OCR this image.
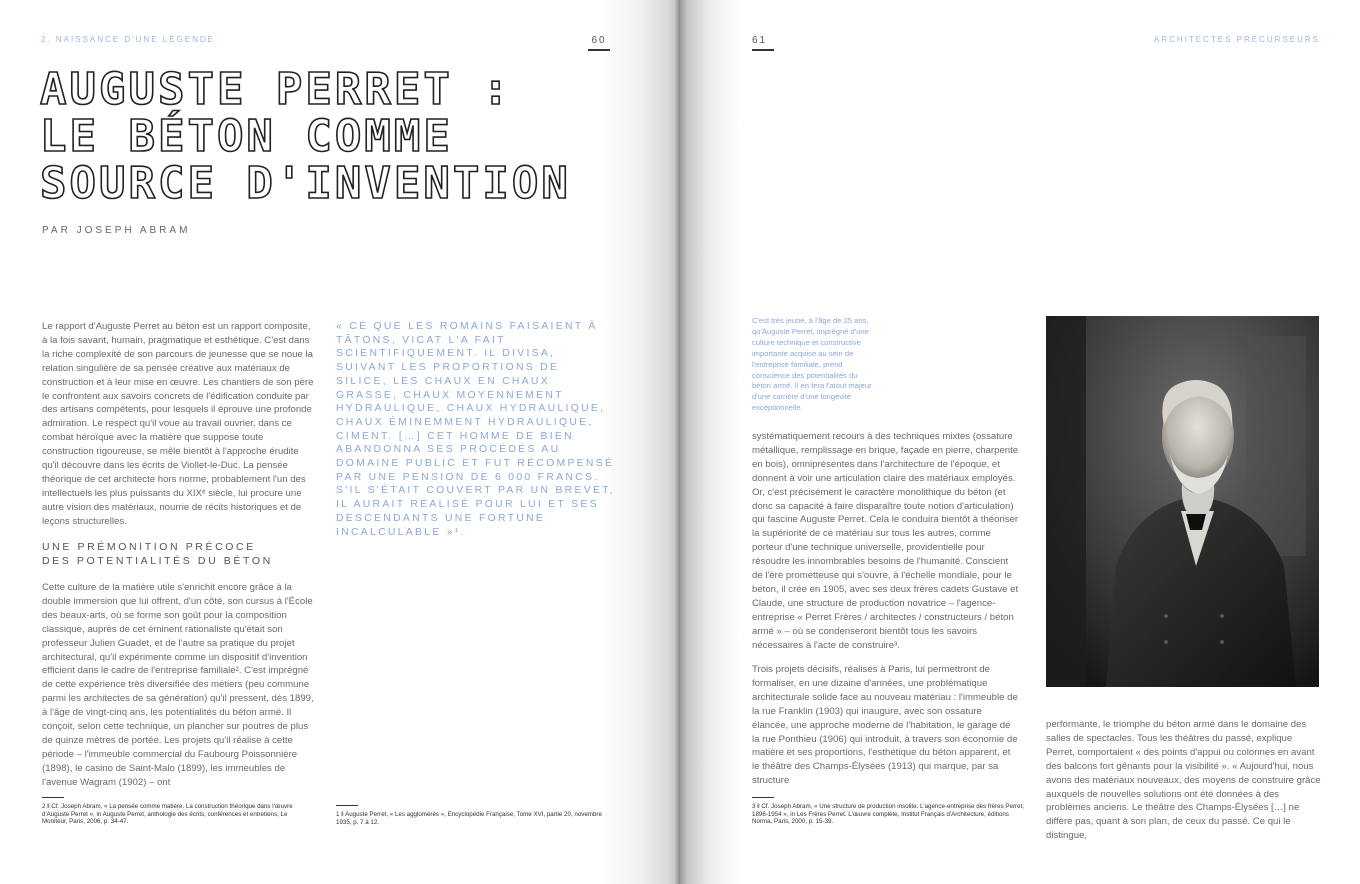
2. NAISSANCE D'UNE LÉGENDE	60
AUGUSTE PERRET :
LE BÉTON COMME
SOURCE D'INVENTION
PAR JOSEPH ABRAM
Le rapport d'Auguste Perret au béton est un rapport composite, à la fois savant, humain, pragmatique et esthétique. C'est dans la riche complexité de son parcours de jeunesse que se noue la relation singulière de sa pensée créative aux matériaux de construction et à leur mise en œuvre. Les chantiers de son père le confrontent aux savoirs concrets de l'édification conduite par des artisans compétents, pour lesquels il éprouve une profonde admiration. Le respect qu'il voue au travail ouvrier, dans ce combat héroïque avec la matière que suppose toute construction rigoureuse, se mêle bientôt à l'approche érudite qu'il découvre dans les écrits de Viollet-le-Duc. La pensée théorique de cet architecte hors norme, probablement l'un des intellectuels les plus puissants du XIXᵉ siècle, lui procure une autre vision des matériaux, nourrie de récits historiques et de leçons structurelles.
UNE PRÉMONITION PRÉCOCE
DES POTENTIALITÉS DU BÉTON
Cette culture de la matière utile s'enrichit encore grâce à la double immersion que lui offrent, d'un côté, son cursus à l'École des beaux-arts, où se forme son goût pour la composition classique, auprès de cet éminent rationaliste qu'était son professeur Julien Guadet, et de l'autre sa pratique du projet architectural, qu'il expérimente comme un dispositif d'invention efficient dans le cadre de l'entreprise familiale². C'est imprégné de cette expérience très diversifiée des métiers (peu commune parmi les architectes de sa génération) qu'il pressent, dès 1899, à l'âge de vingt-cinq ans, les potentialités du béton armé. Il conçoit, selon cette technique, un plancher sur poutres de plus de quinze mètres de portée. Les projets qu'il réalise à cette période – l'immeuble commercial du Faubourg Poissonnière (1898), le casino de Saint-Malo (1899), les immeubles de l'avenue Wagram (1902) – ont
« CE QUE LES ROMAINS FAISAIENT À TÂTONS, VICAT L'A FAIT SCIENTIFIQUEMENT. IL DIVISA, SUIVANT LES PROPORTIONS DE SILICE, LES CHAUX EN CHAUX GRASSE, CHAUX MOYENNEMENT HYDRAULIQUE, CHAUX HYDRAULIQUE, CHAUX ÉMINEMMENT HYDRAULIQUE, CIMENT. […] CET HOMME DE BIEN ABANDONNA SES PROCÉDÉS AU DOMAINE PUBLIC ET FUT RÉCOMPENSÉ PAR UNE PENSION DE 6 000 FRANCS. S'IL S'ÉTAIT COUVERT PAR UN BREVET, IL AURAIT RÉALISÉ POUR LUI ET SES DESCENDANTS UNE FORTUNE INCALCULABLE »¹.
2 ‖ Cf. Joseph Abram, « La pensée comme matière. La construction théorique dans l'œuvre d'Auguste Perret », in Auguste Perret, anthologie des écrits, conférences et entretiens, Le Moniteur, Paris, 2006, p. 34-47.
1 ‖ Auguste Perret, « Les agglomérés », Encyclopédie Française, Tome XVI, partie 20, novembre 1935, p. 7 à 12.
61	ARCHITECTES PRÉCURSEURS
C'est très jeune, à l'âge de 25 ans, qu'Auguste Perret, imprégné d'une culture technique et constructive importante acquise au sein de l'entreprise familiale, prend conscience des potentialités du béton armé. Il en fera l'atout majeur d'une carrière d'une longévité exceptionnelle.
systématiquement recours à des techniques mixtes (ossature métallique, remplissage en brique, façade en pierre, charpente en bois), omniprésentes dans l'architecture de l'époque, et donnent à voir une articulation claire des matériaux employés. Or, c'est précisément le caractère monolithique du béton (et donc sa capacité à faire disparaître toute notion d'articulation) qui fascine Auguste Perret. Cela le conduira bientôt à théoriser la supériorité de ce matériau sur tous les autres, comme porteur d'une technique universelle, providentielle pour résoudre les innombrables besoins de l'humanité. Conscient de l'ère prometteuse qui s'ouvre, à l'échelle mondiale, pour le béton, il crée en 1905, avec ses deux frères cadets Gustave et Claude, une structure de production novatrice – l'agence-entreprise « Perret Frères / architectes / constructeurs / béton armé » – où se condenseront bientôt tous les savoirs nécessaires à l'acte de construire³.
Trois projets décisifs, réalisés à Paris, lui permettront de formaliser, en une dizaine d'années, une problématique architecturale solide face au nouveau matériau : l'immeuble de la rue Franklin (1903) qui inaugure, avec son ossature élancée, une approche moderne de l'habitation, le garage de la rue Ponthieu (1906) qui introduit, à travers son économie de matière et ses proportions, l'esthétique du béton apparent, et le théâtre des Champs-Élysées (1913) qui marque, par sa structure
performante, le triomphe du béton armé dans le domaine des salles de spectacles. Tous les théâtres du passé, explique Perret, comportaient « des points d'appui ou colonnes en avant des balcons fort gênants pour la visibilité ». « Aujourd'hui, nous avons des matériaux nouveaux, des moyens de construire grâce auxquels de nouvelles solutions ont été données à des problèmes anciens. Le théâtre des Champs-Élysées […] ne diffère pas, quant à son plan, de ceux du passé. Ce qui le distingue,
3 ‖ Cf. Joseph Abram, « Une structure de production insolite. L'agence-entreprise des frères Perret, 1896-1954 », in Les Frères Perret. L'œuvre complète, Institut Français d'Architecture, éditions Norma, Paris, 2000, p. 15-39.
